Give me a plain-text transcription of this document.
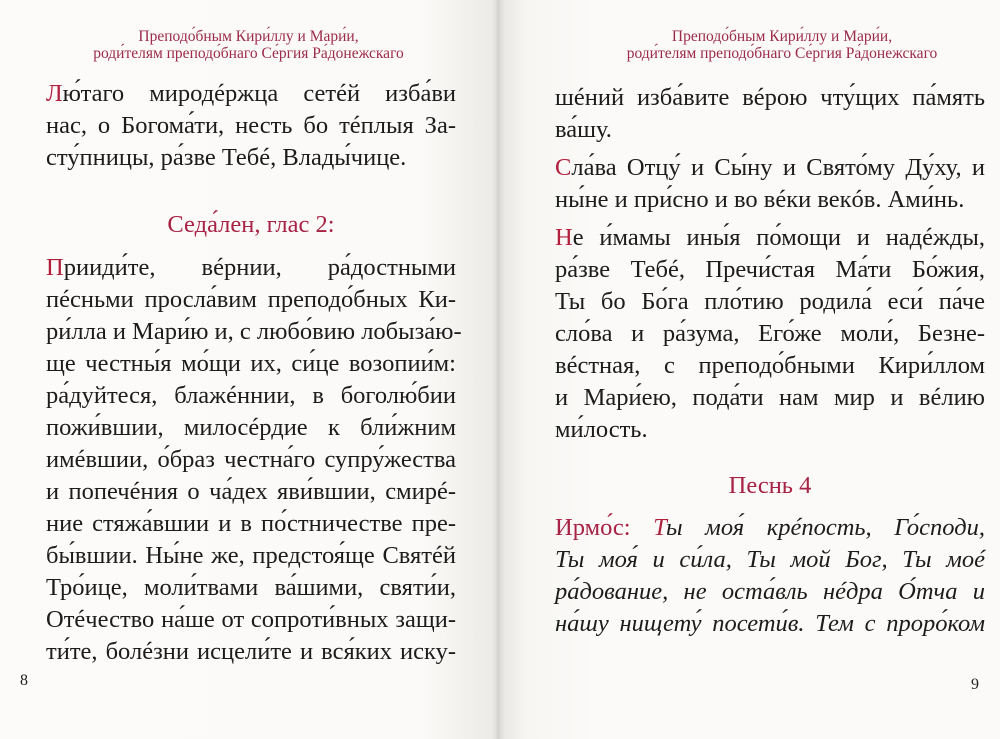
Преподо́бным Кири́ллу и Мари́и,
роди́телям преподо́бнаго Се́ргия Ра́донежскаго
Лю́таго миродéржца сетéй изба́ви
нас, о Богома́ти, несть бо тéплыя За-
сту́пницы, ра́зве Тебé, Влады́чице.
Седа́лен, глас 2:
Прииди́те, вéрнии, ра́достными
пéсньми просла́вим преподо́бных Ки-
ри́лла и Мари́ю и, с любо́вию лобыза́ю-
ще честны́я мо́щи их, си́це возопии́м:
ра́дуйтеся, блажéннии, в боголю́бии
пожи́вшии, милосéрдие к бли́жним
имéвшии, о́браз честна́го супру́жества
и попечéния о ча́дех яви́вшии, смирé-
ние стяжа́вшии и в по́стничестве пре-
бы́вшии. Ны́не же, предстоя́ще Святéй
Тро́ице, моли́твами ва́шими, святи́и,
Отéчество на́ше от сопроти́вных защи-
ти́те, болéзни исцели́те и вся́ких иску-
8
Преподо́бным Кири́ллу и Мари́и,
роди́телям преподо́бнаго Се́ргия Ра́донежскаго
шéний изба́вите вéрою чту́щих па́мять
ва́шу.
Сла́ва Отцу́ и Сы́ну и Свято́му Ду́ху, и
ны́не и при́сно и во вéки векóв. Ами́нь.
Не и́мамы ины́я по́мощи и надéжды,
ра́зве Тебé, Пречи́стая Ма́ти Бо́жия,
Ты бо Бо́га пло́тию родила́ еси́ па́че
сло́ва и ра́зума, Его́же моли́, Безне-
вéстная, с преподо́бными Кири́ллом
и Мари́ею, пода́ти нам мир и вéлию
ми́лость.
Песнь 4
Ирмо́с: Ты моя́ крéпость, Го́споди,
Ты моя́ и си́ла, Ты мой Бог, Ты моé
ра́дование, не оста́вль нéдра О́тча и
на́шу нищету́ посети́в. Тем с проро́ком
9
